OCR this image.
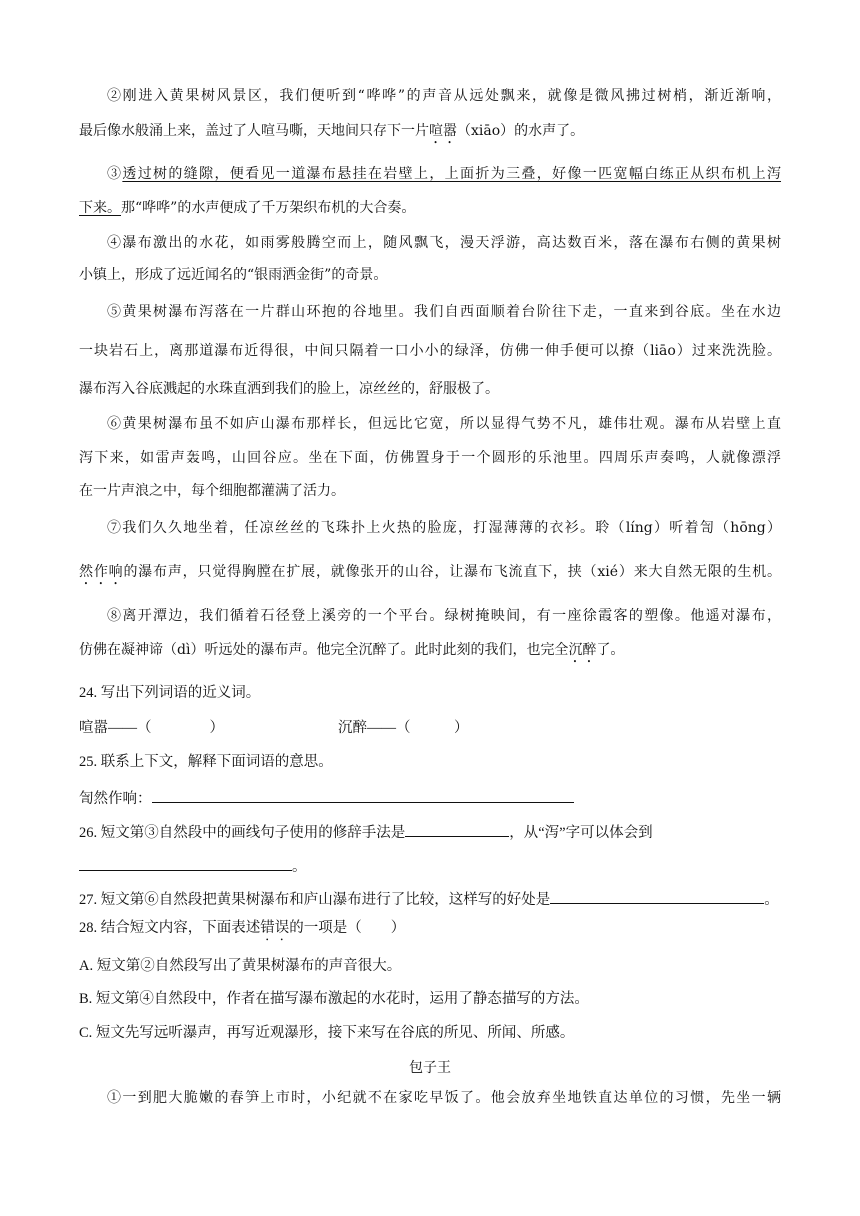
②刚进入黄果树风景区，我们便听到“哗哗”的声音从远处飘来，就像是微风拂过树梢，渐近渐响，
最后像水般涌上来，盖过了人喧马嘶，天地间只存下一片喧嚣（xiāo）的水声了。
③透过树的缝隙，便看见一道瀑布悬挂在岩壁上，上面折为三叠，好像一匹宽幅白练正从织布机上泻
下来。那“哗哗”的水声便成了千万架织布机的大合奏。
④瀑布激出的水花，如雨雾般腾空而上，随风飘飞，漫天浮游，高达数百米，落在瀑布右侧的黄果树
小镇上，形成了远近闻名的“银雨洒金街”的奇景。
⑤黄果树瀑布泻落在一片群山环抱的谷地里。我们自西面顺着台阶往下走，一直来到谷底。坐在水边
一块岩石上，离那道瀑布近得很，中间只隔着一口小小的绿泽，仿佛一伸手便可以撩（liāo）过来洗洗脸。
瀑布泻入谷底溅起的水珠直洒到我们的脸上，凉丝丝的，舒服极了。
⑥黄果树瀑布虽不如庐山瀑布那样长，但远比它宽，所以显得气势不凡，雄伟壮观。瀑布从岩壁上直
泻下来，如雷声轰鸣，山回谷应。坐在下面，仿佛置身于一个圆形的乐池里。四周乐声奏鸣，人就像漂浮
在一片声浪之中，每个细胞都灌满了活力。
⑦我们久久地坐着，任凉丝丝的飞珠扑上火热的脸庞，打湿薄薄的衣衫。聆（líng）听着訇（hōng）
然作响的瀑布声，只觉得胸膛在扩展，就像张开的山谷，让瀑布飞流直下，挟（xié）来大自然无限的生机。
⑧离开潭边，我们循着石径登上溪旁的一个平台。绿树掩映间，有一座徐霞客的塑像。他遥对瀑布，
仿佛在凝神谛（dì）听远处的瀑布声。他完全沉醉了。此时此刻的我们，也完全沉醉了。
24. 写出下列词语的近义词。
喧嚣——（　　　　）	沉醉——（　　　）
25. 联系上下文，解释下面词语的意思。
訇然作响：
26. 短文第③自然段中的画线句子使用的修辞手法是	，从“泻”字可以体会到
。
27. 短文第⑥自然段把黄果树瀑布和庐山瀑布进行了比较，这样写的好处是	。
28. 结合短文内容，下面表述错误的一项是（　　）
A. 短文第②自然段写出了黄果树瀑布的声音很大。
B. 短文第④自然段中，作者在描写瀑布激起的水花时，运用了静态描写的方法。
C. 短文先写远听瀑声，再写近观瀑形，接下来写在谷底的所见、所闻、所感。
包子王
①一到肥大脆嫩的春笋上市时，小纪就不在家吃早饭了。他会放弃坐地铁直达单位的习惯，先坐一辆
